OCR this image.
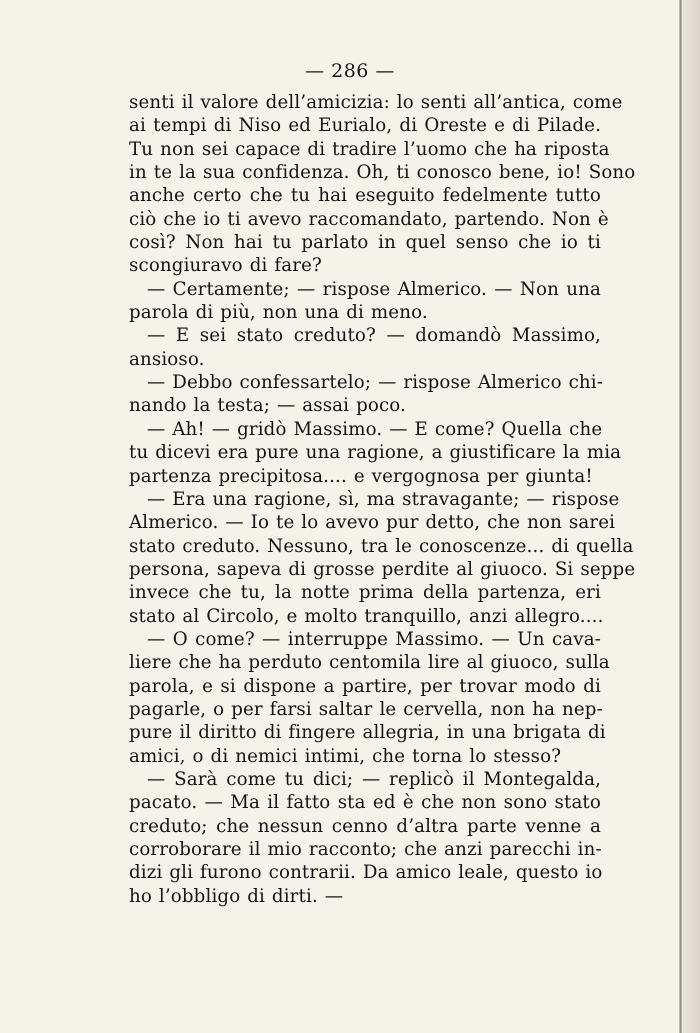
— 286 —
senti il valore dell’amicizia: lo senti all’antica, come
ai tempi di Niso ed Eurialo, di Oreste e di Pilade.
Tu non sei capace di tradire l’uomo che ha riposta
in te la sua confidenza. Oh, ti conosco bene, io! Sono
anche certo che tu hai eseguito fedelmente tutto
ciò che io ti avevo raccomandato, partendo. Non è
così? Non hai tu parlato in quel senso che io ti
scongiuravo di fare?
— Certamente; — rispose Almerico. — Non una
parola di più, non una di meno.
— E sei stato creduto? — domandò Massimo,
ansioso.
— Debbo confessartelo; — rispose Almerico chi-
nando la testa; — assai poco.
— Ah! — gridò Massimo. — E come? Quella che
tu dicevi era pure una ragione, a giustificare la mia
partenza precipitosa.... e vergognosa per giunta!
— Era una ragione, sì, ma stravagante; — rispose
Almerico. — Io te lo avevo pur detto, che non sarei
stato creduto. Nessuno, tra le conoscenze... di quella
persona, sapeva di grosse perdite al giuoco. Si seppe
invece che tu, la notte prima della partenza, eri
stato al Circolo, e molto tranquillo, anzi allegro....
— O come? — interruppe Massimo. — Un cava-
liere che ha perduto centomila lire al giuoco, sulla
parola, e si dispone a partire, per trovar modo di
pagarle, o per farsi saltar le cervella, non ha nep-
pure il diritto di fingere allegria, in una brigata di
amici, o di nemici intimi, che torna lo stesso?
— Sarà come tu dici; — replicò il Montegalda,
pacato. — Ma il fatto sta ed è che non sono stato
creduto; che nessun cenno d’altra parte venne a
corroborare il mio racconto; che anzi parecchi in-
dizi gli furono contrarii. Da amico leale, questo io
ho l’obbligo di dirti. —
